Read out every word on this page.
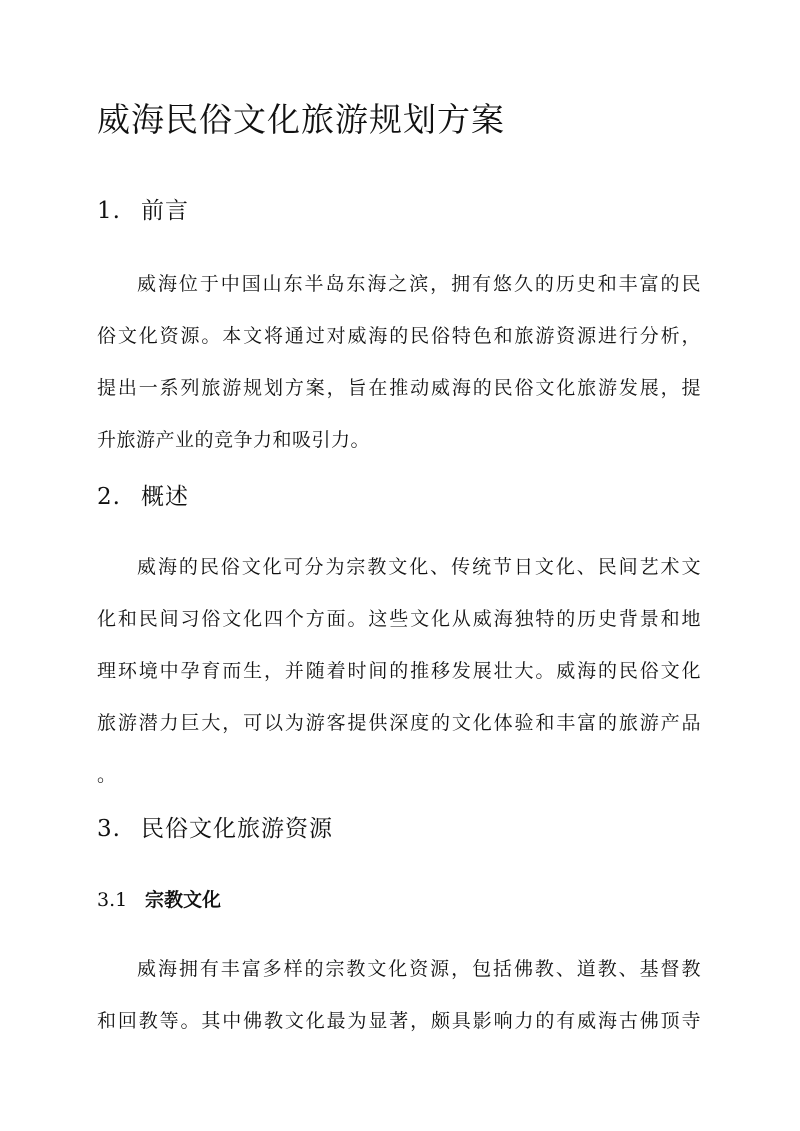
威海民俗文化旅游规划方案
1. 前言
威海位于中国山东半岛东海之滨，拥有悠久的历史和丰富的民
俗文化资源。本文将通过对威海的民俗特色和旅游资源进行分析，
提出一系列旅游规划方案，旨在推动威海的民俗文化旅游发展，提
升旅游产业的竞争力和吸引力。
2. 概述
威海的民俗文化可分为宗教文化、传统节日文化、民间艺术文
化和民间习俗文化四个方面。这些文化从威海独特的历史背景和地
理环境中孕育而生，并随着时间的推移发展壮大。威海的民俗文化
旅游潜力巨大，可以为游客提供深度的文化体验和丰富的旅游产品
。
3. 民俗文化旅游资源
3.1 宗教文化
威海拥有丰富多样的宗教文化资源，包括佛教、道教、基督教
和回教等。其中佛教文化最为显著，颇具影响力的有威海古佛顶寺
